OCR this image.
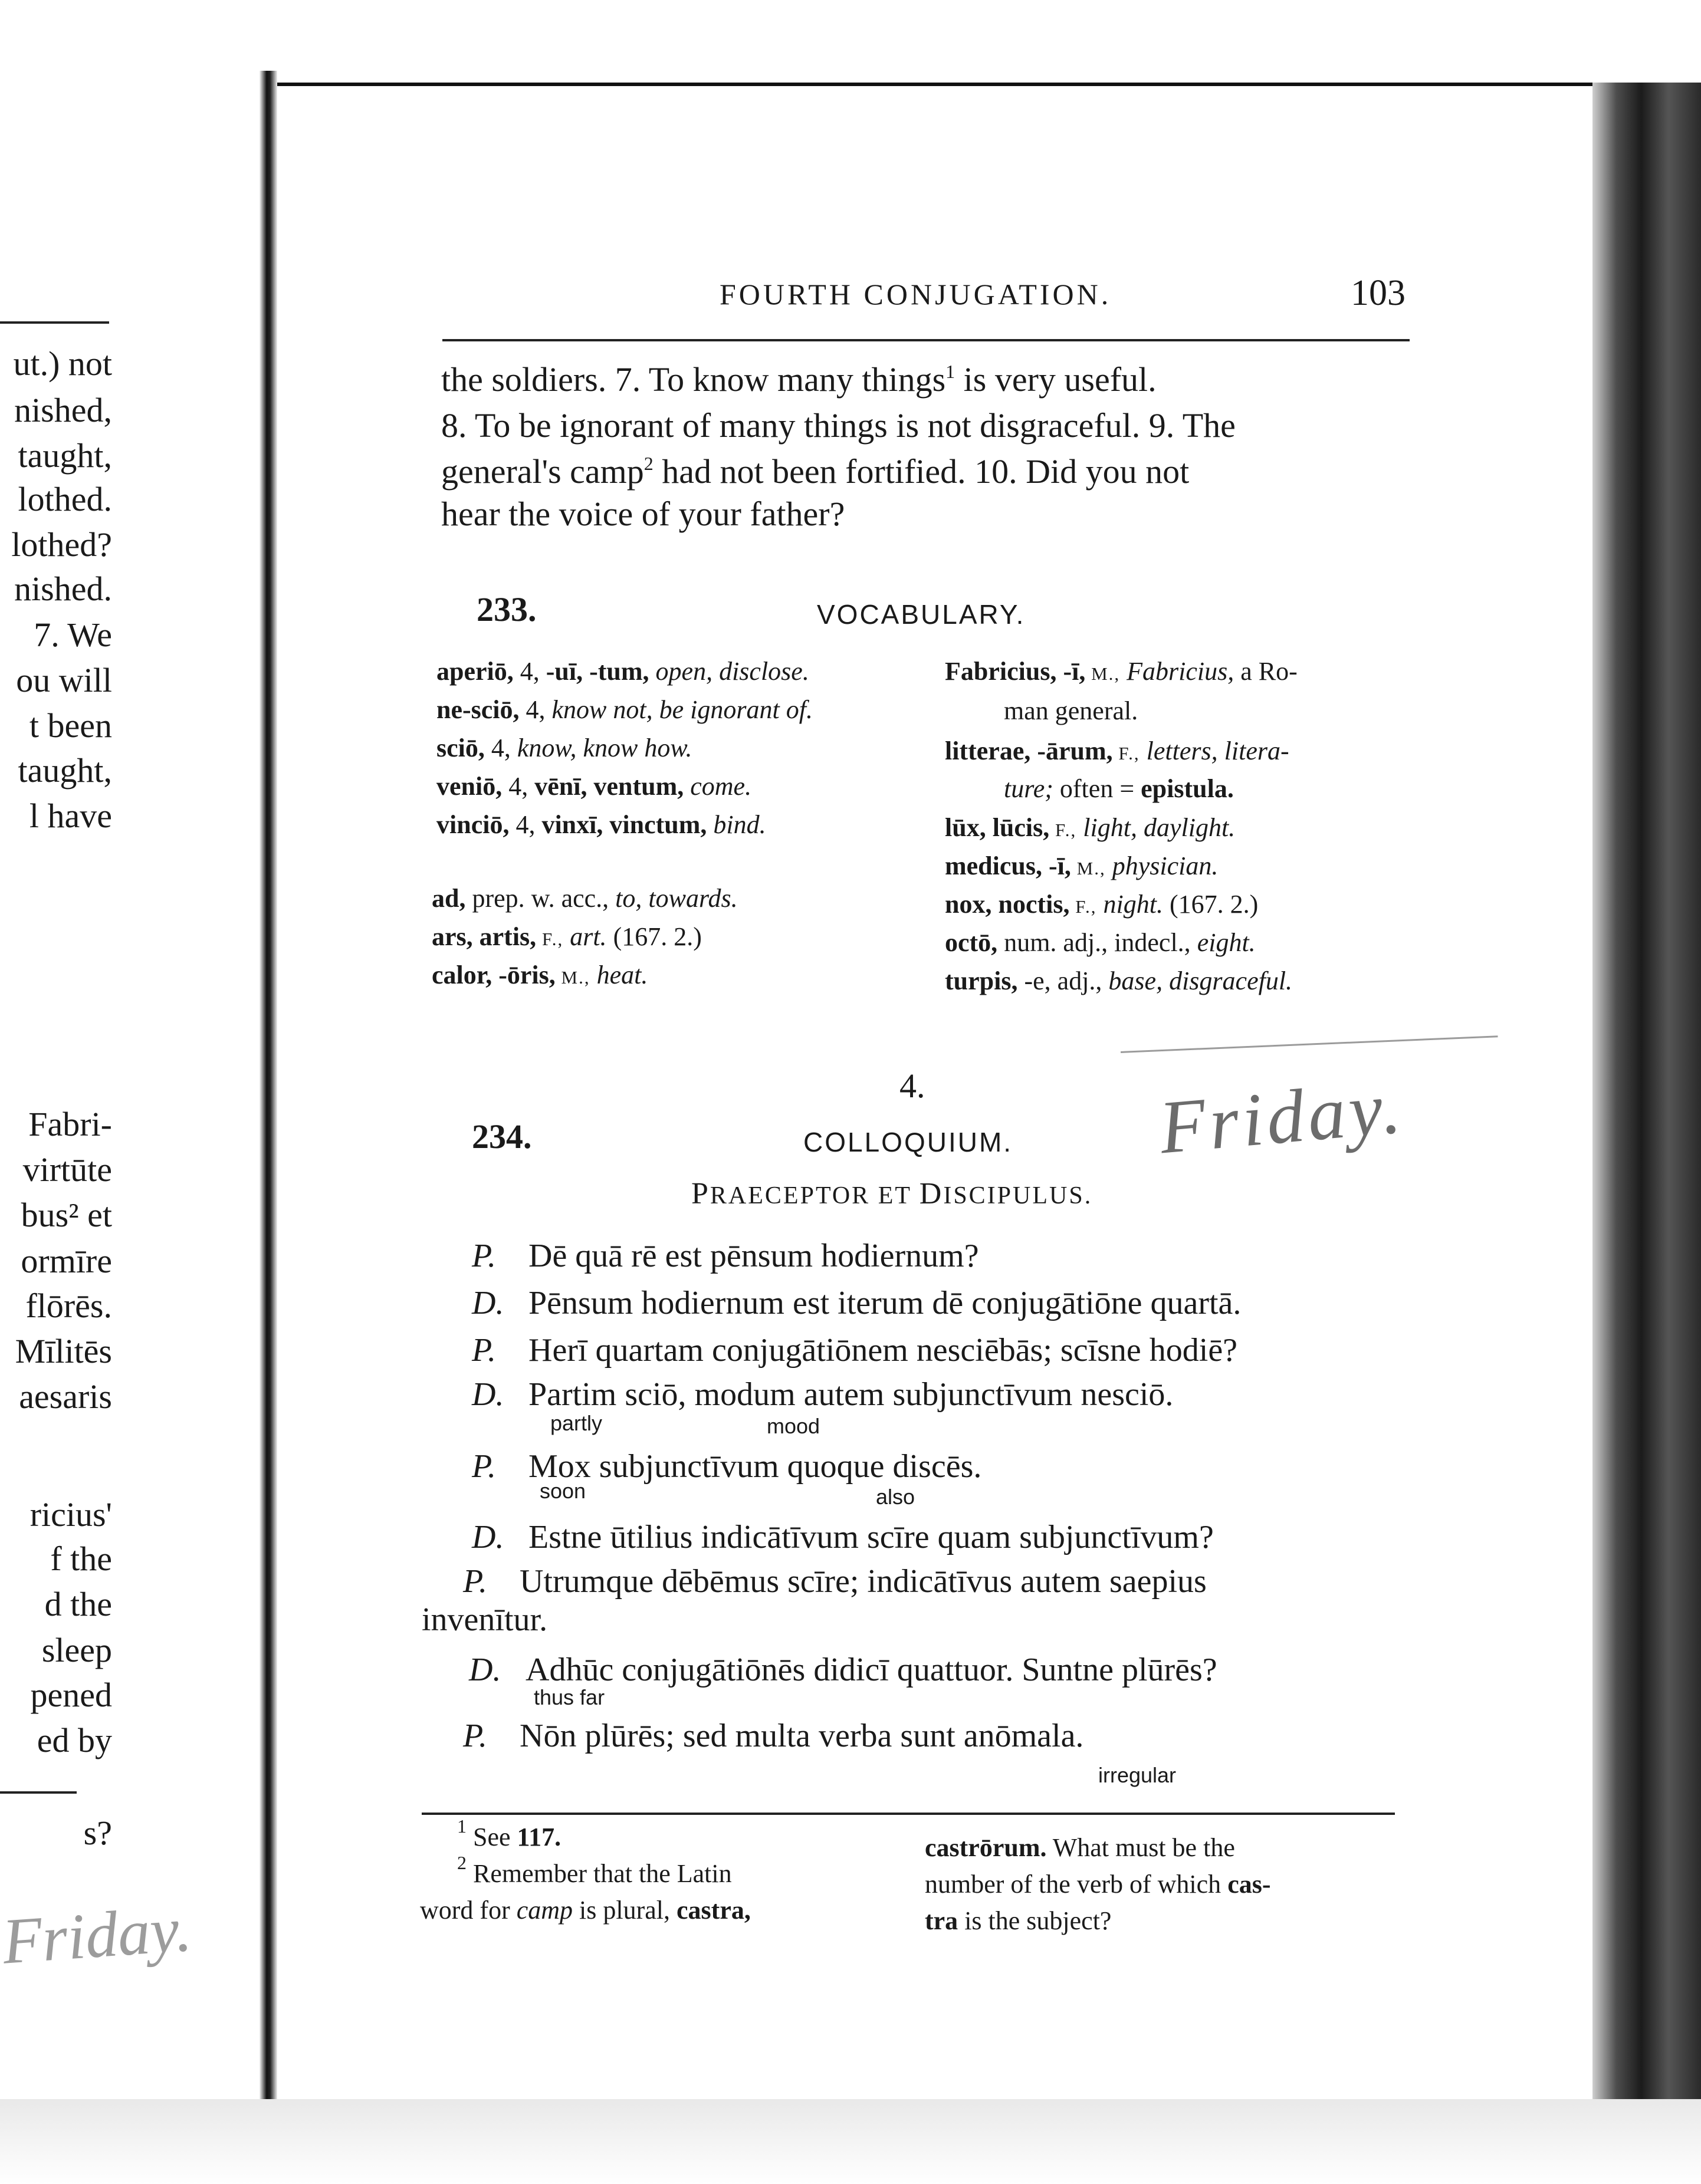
ut.) not
nished,
taught,
lothed.
lothed?
nished.
7. We
ou will
t been
taught,
l have
Fabri-
virtūte
bus² et
ormīre
flōrēs.
Mīlitēs
aesaris
ricius'
f the
d the
sleep
pened
ed by
s?
Friday.
FOURTH CONJUGATION.	103
the soldiers. 7. To know many things$^1$ is very useful.
8. To be ignorant of many things is not disgraceful. 9. The
general's camp$^2$ had not been fortified. 10. Did you not
hear the voice of your father?
233.	VOCABULARY.
aperiō, 4, -uī, -tum, open, disclose.
ne-sciō, 4, know not, be ignorant of.
sciō, 4, know, know how.
veniō, 4, vēnī, ventum, come.
vinciō, 4, vinxī, vinctum, bind.
ad, prep. w. acc., to, towards.
ars, artis, F., art. (167. 2.)
calor, -ōris, M., heat.
Fabricius, -ī, M., Fabricius, a Ro-
man general.
litterae, -ārum, F., letters, litera-
ture; often = epistula.
lūx, lūcis, F., light, daylight.
medicus, -ī, M., physician.
nox, noctis, F., night. (167. 2.)
octō, num. adj., indecl., eight.
turpis, -e, adj., base, disgraceful.
4.
234.	COLLOQUIUM.
PRAECEPTOR ET DISCIPULUS.
Friday.
P. Dē quā rē est pēnsum hodiernum?
D. Pēnsum hodiernum est iterum dē conjugātiōne quartā.
P. Herī quartam conjugātiōnem nesciēbās; scīsne hodiē?
D. Partim sciō, modum autem subjunctīvum nesciō.
P. Mox subjunctīvum quoque discēs.
D. Estne ūtilius indicātīvum scīre quam subjunctīvum?
P. Utrumque dēbēmus scīre; indicātīvus autem saepius
invenītur.
D. Adhūc conjugātiōnēs didicī quattuor. Suntne plūrēs?
P. Nōn plūrēs; sed multa verba sunt anōmala.
partly	mood
soon	also
thus far
irregular
$^1$ See 117.
$^2$ Remember that the Latin
word for camp is plural, castra,
castrōrum. What must be the
number of the verb of which cas-
tra is the subject?
